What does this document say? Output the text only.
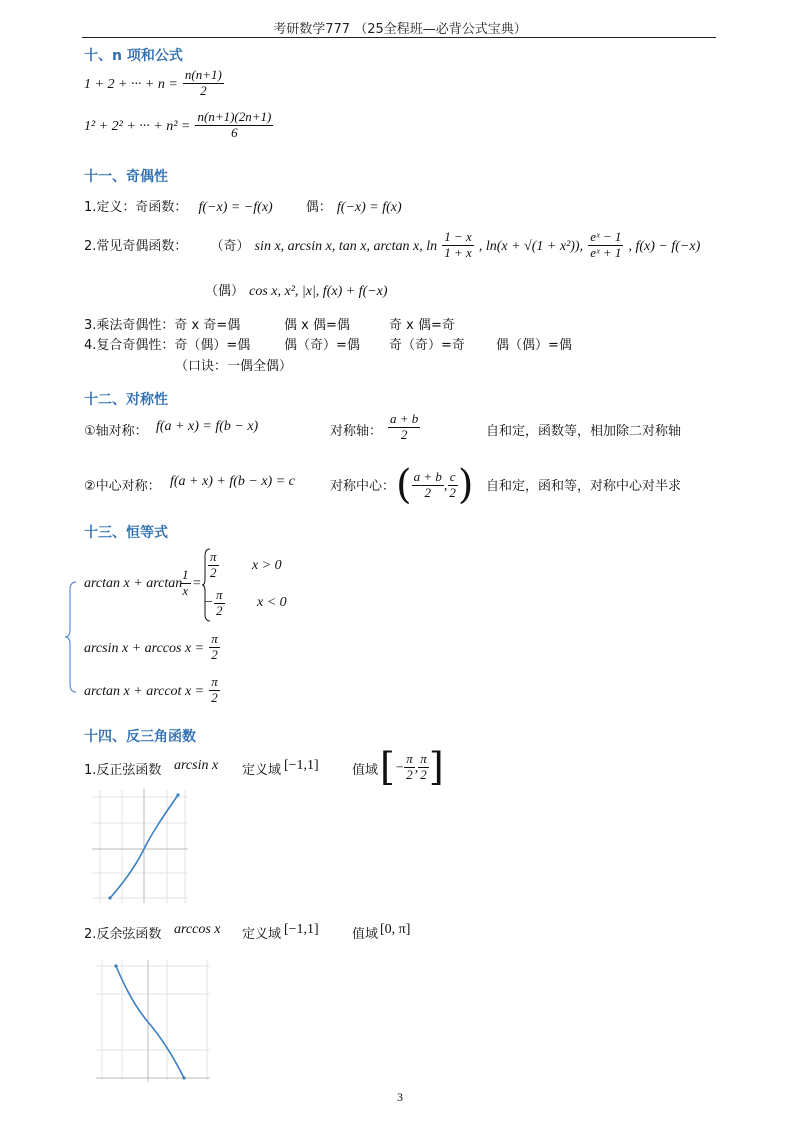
考研数学777 （25全程班—必背公式宝典）
十、n 项和公式
1 + 2 + ··· + $n = \frac{n(n+1)}{2}$
1² + 2² + ··· + $n^2 = \frac{n(n+1)(2n+1)}{6}$
十一、奇偶性
1.定义：奇函数： f(−x) = −f(x)	偶： f(−x) = f(x)
2.常见奇偶函数： （奇） sin x, arcsin x, tan x, arctan x, $\ln \frac{1 - x}{1 + x}$ , ln(x + √(1 + x²)), $\frac{\text{eˣ − 1}}{\text{eˣ + 1}}$ , f(x) − f(−x)
（偶） cos x, x², |x|, f(x) + f(−x)
3.乘法奇偶性：奇 x 奇=偶	偶 x 偶=偶	奇 x 偶=奇
4.复合奇偶性：奇（偶）=偶	偶（奇）=偶 奇（奇）=奇 偶（偶）=偶
（口诀：一偶全偶）
十二、对称性
①轴对称： f(a + x) = f(b − x)	对称轴： $\frac{a + b}{2}$	自和定，函数等，相加除二对称轴
②中心对称： f(a + x) + f(b − x) = c	对称中心： ( $\frac{a + b}{2}$ , $\frac{c}{2}$ ) 自和定，函和等，对称中心对半求
十三、恒等式
arctan x + arctan
$\frac{1}{x}$ =
$\frac{\pi}{2}$ x > 0
− $\frac{\pi}{2}$ x < 0
$\arcsin x + \arccos x = \frac{\pi}{2}$
arctan x + arccot $x = \frac{\pi}{2}$
十四、反三角函数
1.反正弦函数 arcsin x 定义域 [−1,1]	值域 [− $\frac{\pi}{2}$ , $\frac{\pi}{2}$ ]
2.反余弦函数 arccos x 定义域 [−1,1]	值域 [0, π]
3
